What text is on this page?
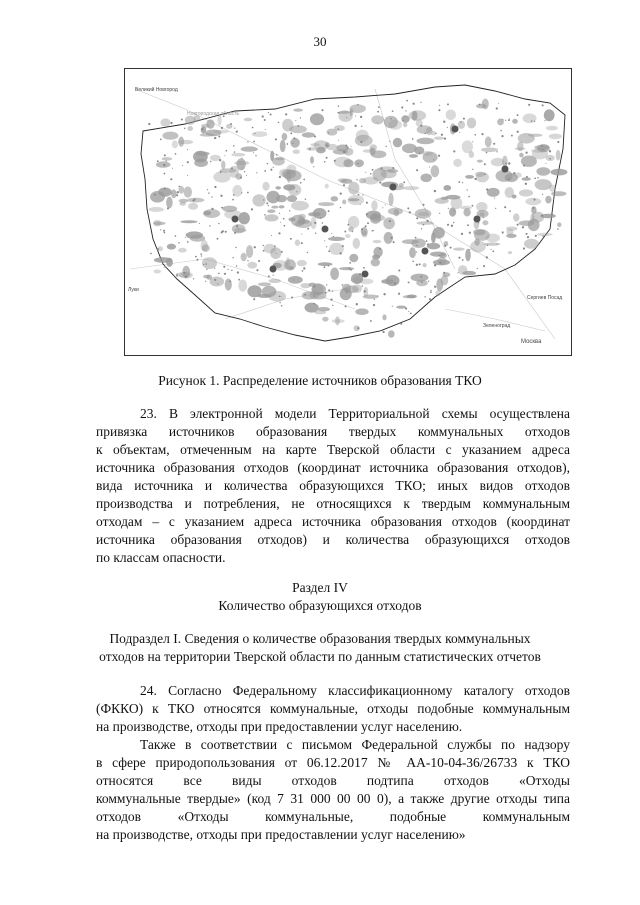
30
Великий Новгород
Новгородская область
Луки
Сергиев Посад
Зеленоград
Москва
Рисунок 1. Распределение источников образования ТКО
23. В электронной модели Территориальной схемы осуществлена
привязка источников образования твердых коммунальных отходов
к объектам, отмеченным на карте Тверской области с указанием адреса
источника образования отходов (координат источника образования отходов),
вида источника и количества образующихся ТКО; иных видов отходов
производства и потребления, не относящихся к твердым коммунальным
отходам – с указанием адреса источника образования отходов (координат
источника образования отходов) и количества образующихся отходов
по классам опасности.
Раздел IV
Количество образующихся отходов
Подраздел I. Сведения о количестве образования твердых коммунальных
отходов на территории Тверской области по данным статистических отчетов
24. Согласно Федеральному классификационному каталогу отходов
(ФККО) к ТКО относятся коммунальные, отходы подобные коммунальным
на производстве, отходы при предоставлении услуг населению.
Также в соответствии с письмом Федеральной службы по надзору
в сфере природопользования от 06.12.2017 № АА-10-04-36/26733 к ТКО
относятся все виды отходов подтипа отходов «Отходы
коммунальные твердые» (код 7 31 000 00 00 0), а также другие отходы типа
отходов «Отходы коммунальные, подобные коммунальным
на производстве, отходы при предоставлении услуг населению»
